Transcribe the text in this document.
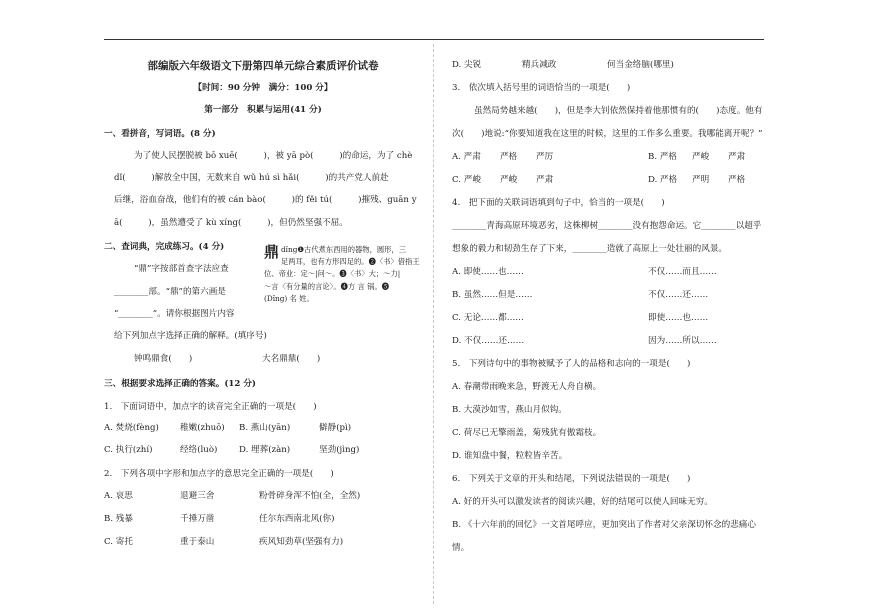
部编版六年级语文下册第四单元综合素质评价试卷
【时间：90 分钟　满分：100 分】
第一部分　积累与运用(41 分)
一、看拼音，写词语。(8 分)
为了使人民摆脱被 bō xuē(　　　)，被 yā pò(　　　)的命运，为了 chè
dǐ(　　　)解放全中国，无数来自 wǔ hú sì hǎi(　　　)的共产党人前赴
后继，浴血奋战，他们有的被 cán bào(　　　)的 fěi tú(　　　)摧残、guān y
ā(　　　)，虽然遭受了 kù xíng(　　　)，但仍然坚强不屈。
二、查词典，完成练习。(4 分)
“鼎”字按部首查字法应查
________部。“鼎”的第六画是
“________”。请你根据图片内容
给下列加点字选择正确的解释。(填序号)
钟鸣鼎食(　　)	大名鼎鼎(　　)
鼎 dǐng❶古代煮东西用的器物，圆形，三
足两耳，也有方形四足的。❷〈书〉借指王
位、帝业：定～|问～。❸〈书〉大；～力|
～言〈有分量的言论〉。❹方 言 锅。❺
(Dǐng) 名 姓。
三、根据要求选择正确的答案。(12 分)
1.　下面词语中，加点字的读音完全正确的一项是(　　)
A. 焚烧(fèng) 稚嫩(zhuō) B. 燕山(yān)	僻静(pì)
C. 执行(zhí)	经络(luò)	D. 埋葬(zàn)	坚劲(jìng)
2.　下列各项中字形和加点字的意思完全正确的一项是(　　)
A. 哀思	退避三舍	粉骨碎身浑不怕(全，全然)
B. 残暴	千捶万凿	任尔东西南北风(你)
C. 寄托	重于泰山	疾风知劲草(坚强有力)
D. 尖锐	精兵减政	何当金络脑(哪里)
3.　依次填入括号里的词语恰当的一项是(　　)
虽然局势越来越(　　)，但是李大钊依然保持着他那惯有的(　　)态度。他有
次(　　)地说:“你要知道我在这里的时候，这里的工作多么重要。我哪能离开呢？”
A. 严肃 严格 严厉	B. 严格 严峻 严肃
C. 严峻 严峻 严肃	D. 严格 严明 严格
4.　把下面的关联词语填到句子中，恰当的一项是(　　)
________青海高原环境恶劣，这株柳树________没有抱怨命运。它________以超乎
想象的毅力和韧劲生存了下来，________造就了高原上一处壮丽的风景。
A. 即使……也……	不仅……而且……
B. 虽然……但是……	不仅……还……
C. 无论……都……	即使……也……
D. 不仅……还……	因为……所以……
5.　下列诗句中的事物被赋予了人的品格和志向的一项是(　　)
A. 春潮带雨晚来急，野渡无人舟自横。
B. 大漠沙如雪，燕山月似钩。
C. 荷尽已无擎雨盖，菊残犹有傲霜枝。
D. 谁知盘中餐，粒粒皆辛苦。
6.　下列关于文章的开头和结尾，下列说法错误的一项是(　　)
A. 好的开头可以激发读者的阅读兴趣，好的结尾可以使人回味无穷。
B. 《十六年前的回忆》一文首尾呼应，更加突出了作者对父亲深切怀念的悲痛心
情。
